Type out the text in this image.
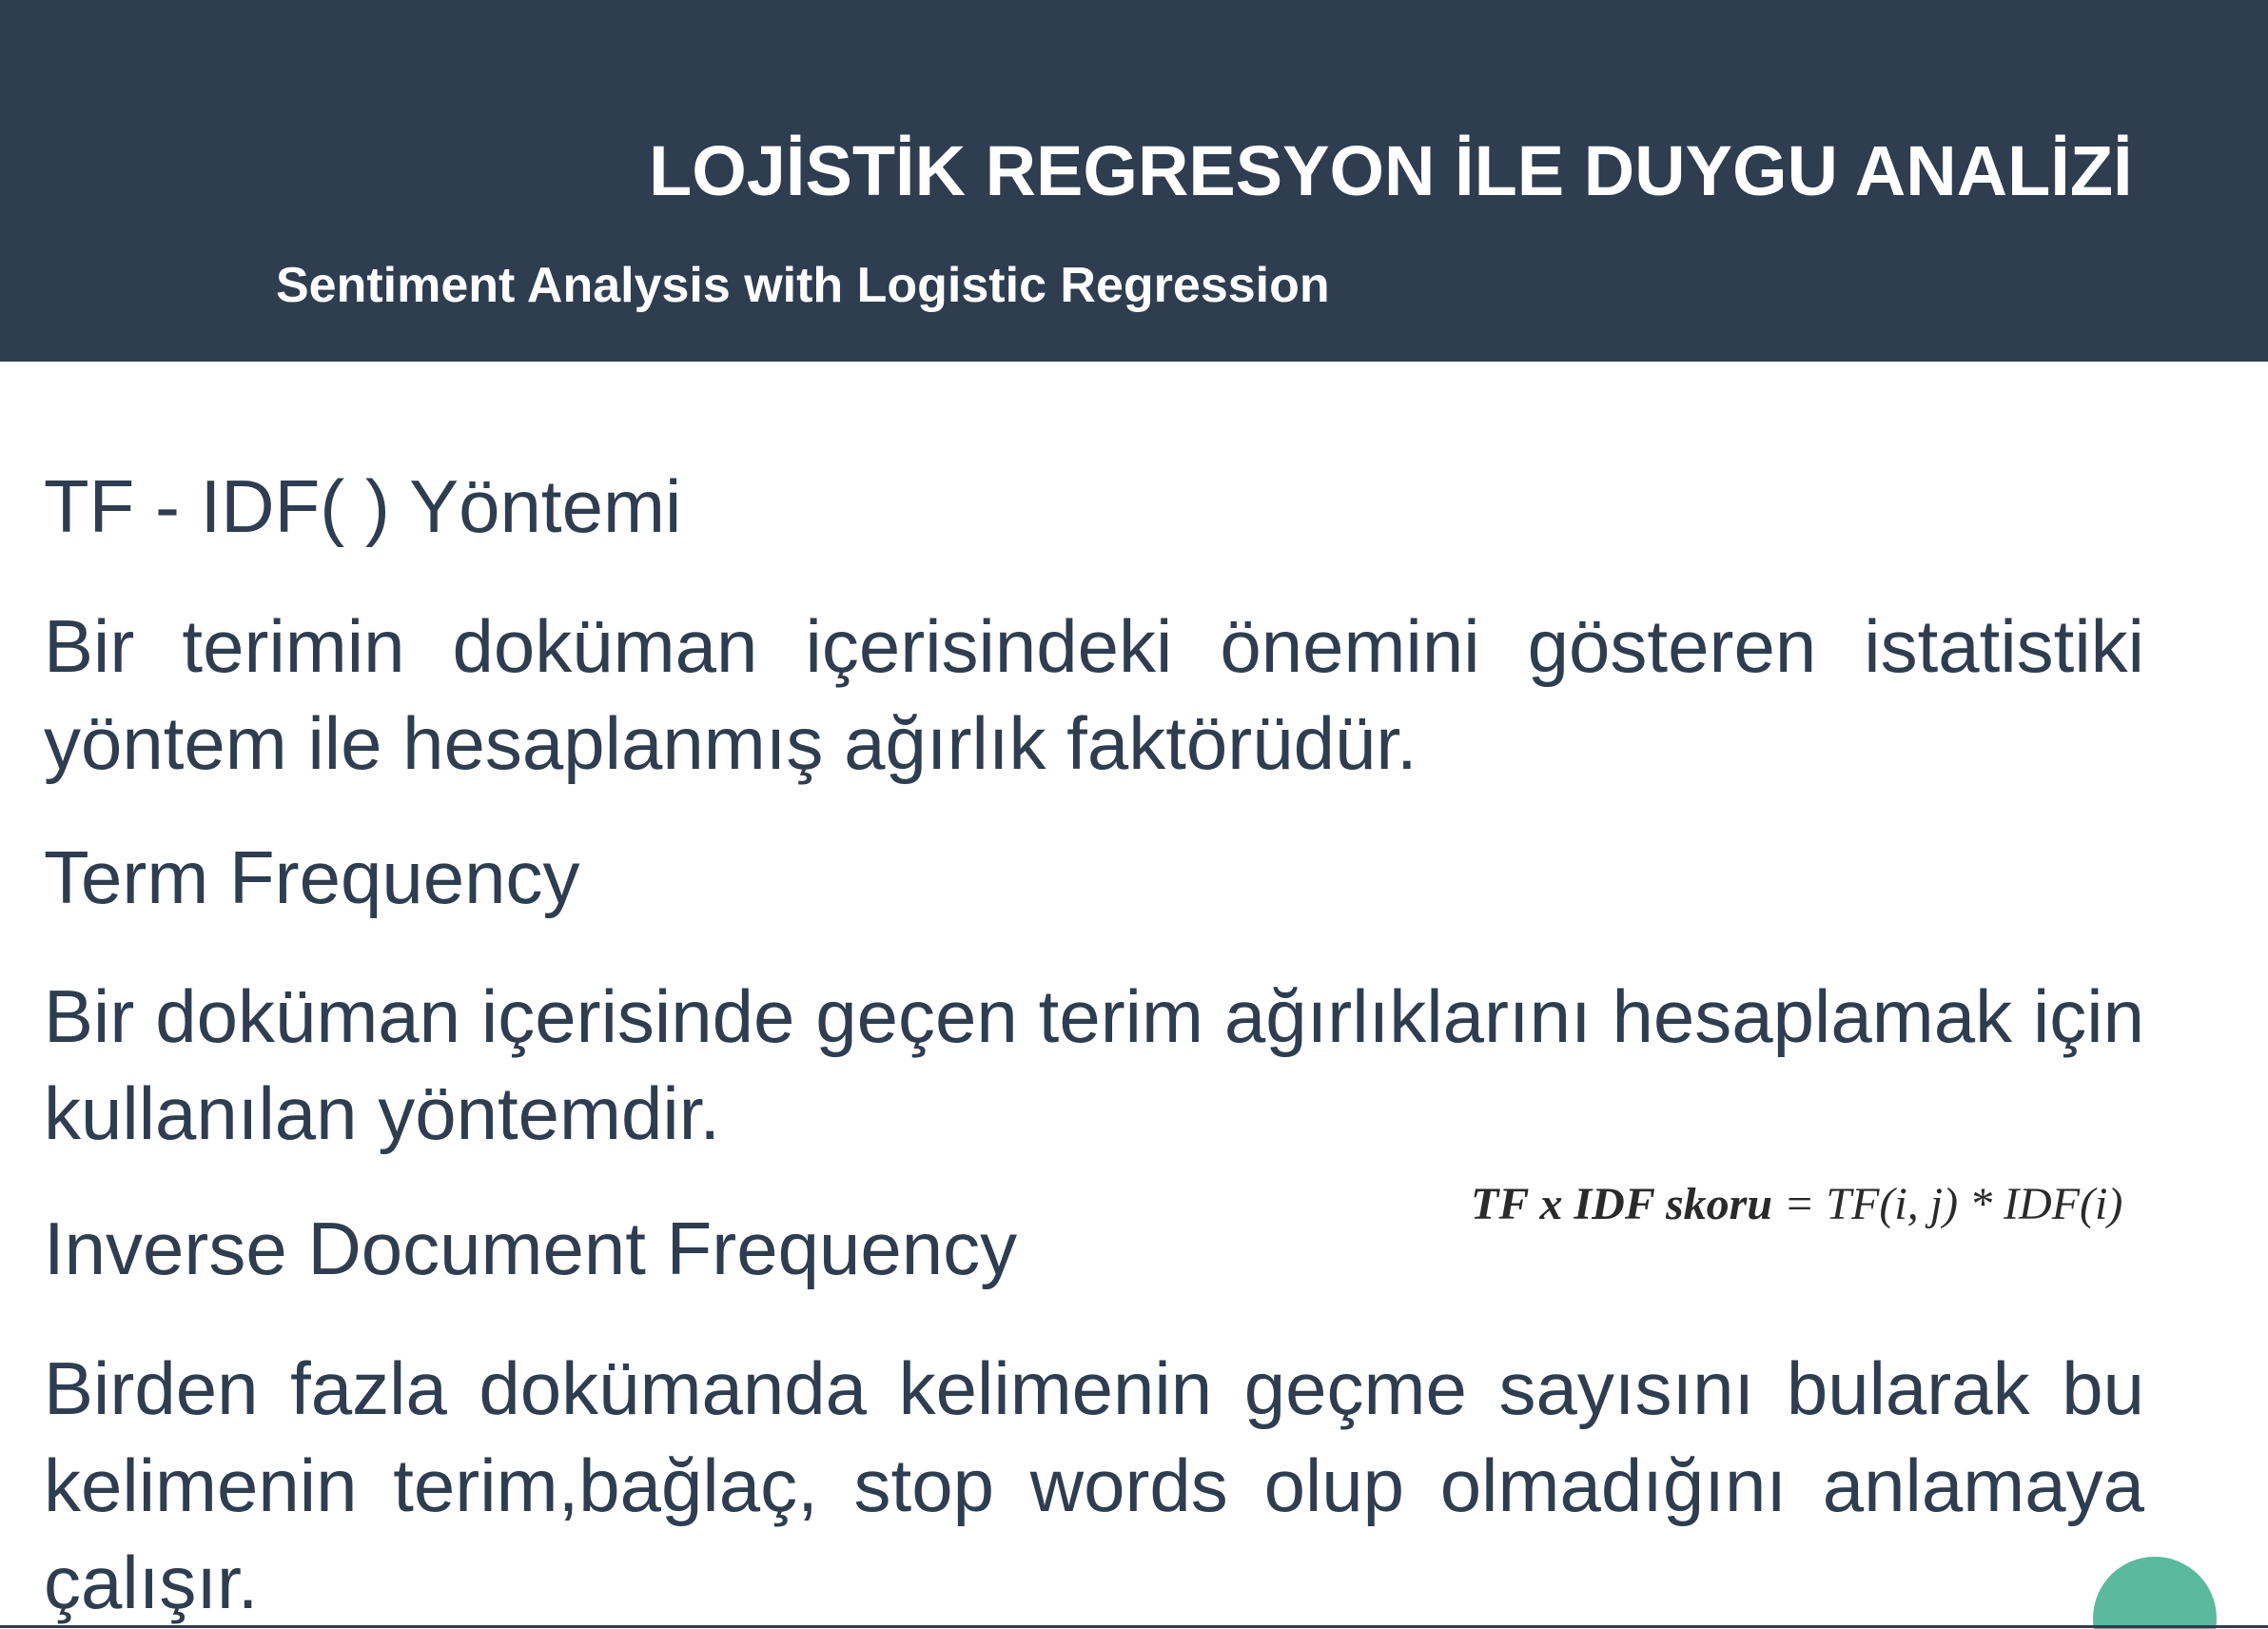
LOJİSTİK REGRESYON İLE DUYGU ANALİZİ
Sentiment Analysis with Logistic Regression

TF - IDF( ) Yöntemi

Bir terimin doküman içerisindeki önemini gösteren istatistiki yöntem ile hesaplanmış ağırlık faktörüdür.

Term Frequency

Bir doküman içerisinde geçen terim ağırlıklarını hesaplamak için kullanılan yöntemdir.

Inverse Document Frequency

Birden fazla dokümanda kelimenin geçme sayısını bularak bu kelimenin terim,bağlaç, stop words olup olmadığını anlamaya çalışır.

TF x IDF skoru = TF(i, j) * IDF(i)
